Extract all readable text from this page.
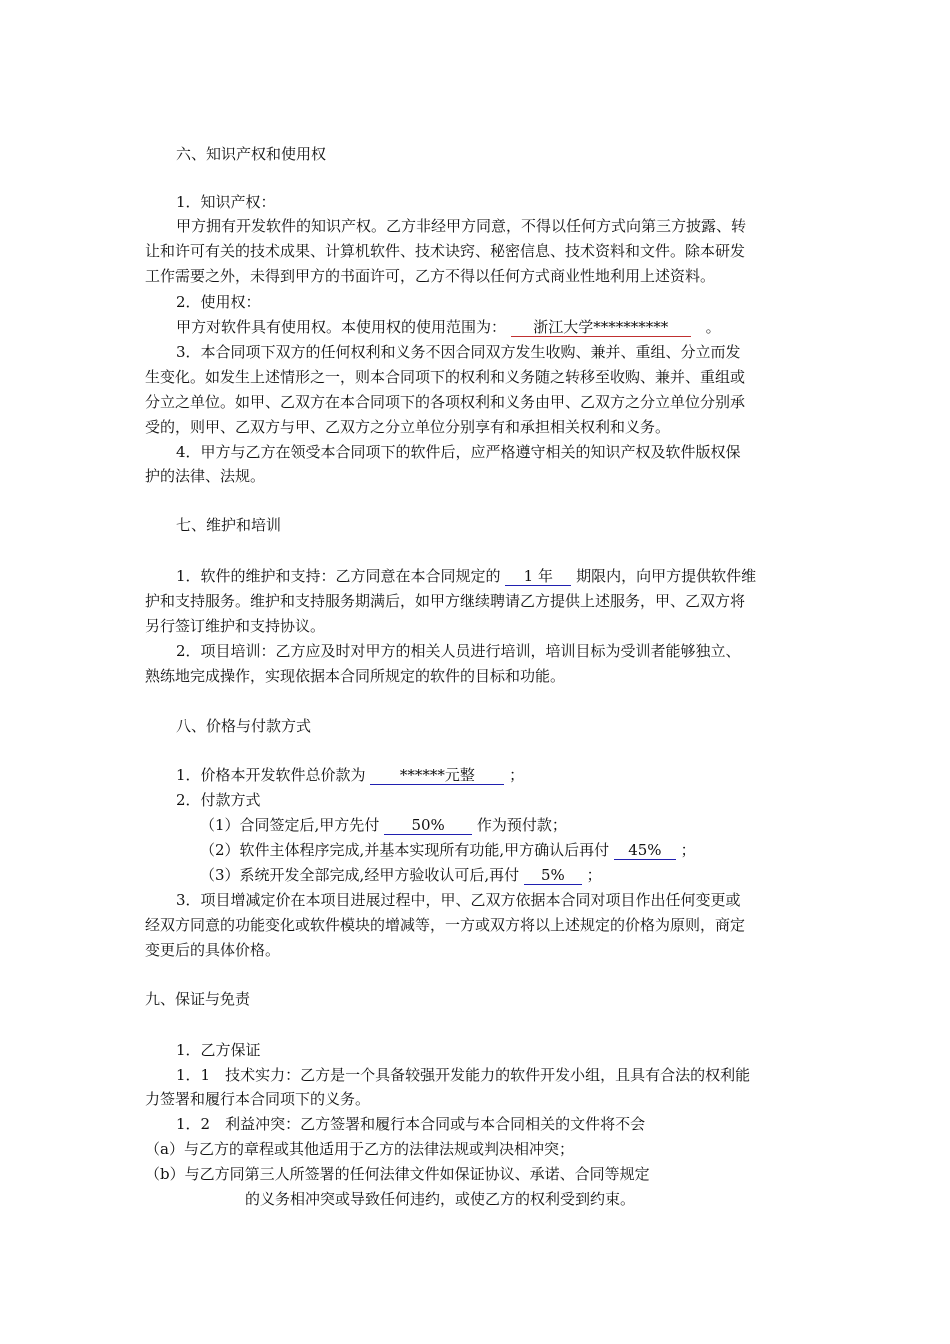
六、知识产权和使用权
1．知识产权：
甲方拥有开发软件的知识产权。乙方非经甲方同意，不得以任何方式向第三方披露、转
让和许可有关的技术成果、计算机软件、技术诀窍、秘密信息、技术资料和文件。除本研发
工作需要之外，未得到甲方的书面许可，乙方不得以任何方式商业性地利用上述资料。
2．使用权：
甲方对软件具有使用权。本使用权的使用范围为： 浙江大学********** 。
3．本合同项下双方的任何权利和义务不因合同双方发生收购、兼并、重组、分立而发
生变化。如发生上述情形之一，则本合同项下的权利和义务随之转移至收购、兼并、重组或
分立之单位。如甲、乙双方在本合同项下的各项权利和义务由甲、乙双方之分立单位分别承
受的，则甲、乙双方与甲、乙双方之分立单位分别享有和承担相关权利和义务。
4．甲方与乙方在领受本合同项下的软件后，应严格遵守相关的知识产权及软件版权保
护的法律、法规。
七、维护和培训
1．软件的维护和支持：乙方同意在本合同规定的 1 年 期限内，向甲方提供软件维
护和支持服务。维护和支持服务期满后，如甲方继续聘请乙方提供上述服务，甲、乙双方将
另行签订维护和支持协议。
2．项目培训：乙方应及时对甲方的相关人员进行培训，培训目标为受训者能够独立、
熟练地完成操作，实现依据本合同所规定的软件的目标和功能。
八、价格与付款方式
1．价格本开发软件总价款为 ******元整 ；
2．付款方式
（1）合同签定后,甲方先付 50% 作为预付款；
（2）软件主体程序完成,并基本实现所有功能,甲方确认后再付 45% ；
（3）系统开发全部完成,经甲方验收认可后,再付 5% ；
3．项目增减定价在本项目进展过程中，甲、乙双方依据本合同对项目作出任何变更或
经双方同意的功能变化或软件模块的增减等，一方或双方将以上述规定的价格为原则，商定
变更后的具体价格。
九、保证与免责
1．乙方保证
1．1　技术实力：乙方是一个具备较强开发能力的软件开发小组，且具有合法的权利能
力签署和履行本合同项下的义务。
1．2　利益冲突：乙方签署和履行本合同或与本合同相关的文件将不会
（a）与乙方的章程或其他适用于乙方的法律法规或判决相冲突；
（b）与乙方同第三人所签署的任何法律文件如保证协议、承诺、合同等规定
的义务相冲突或导致任何违约，或使乙方的权利受到约束。
